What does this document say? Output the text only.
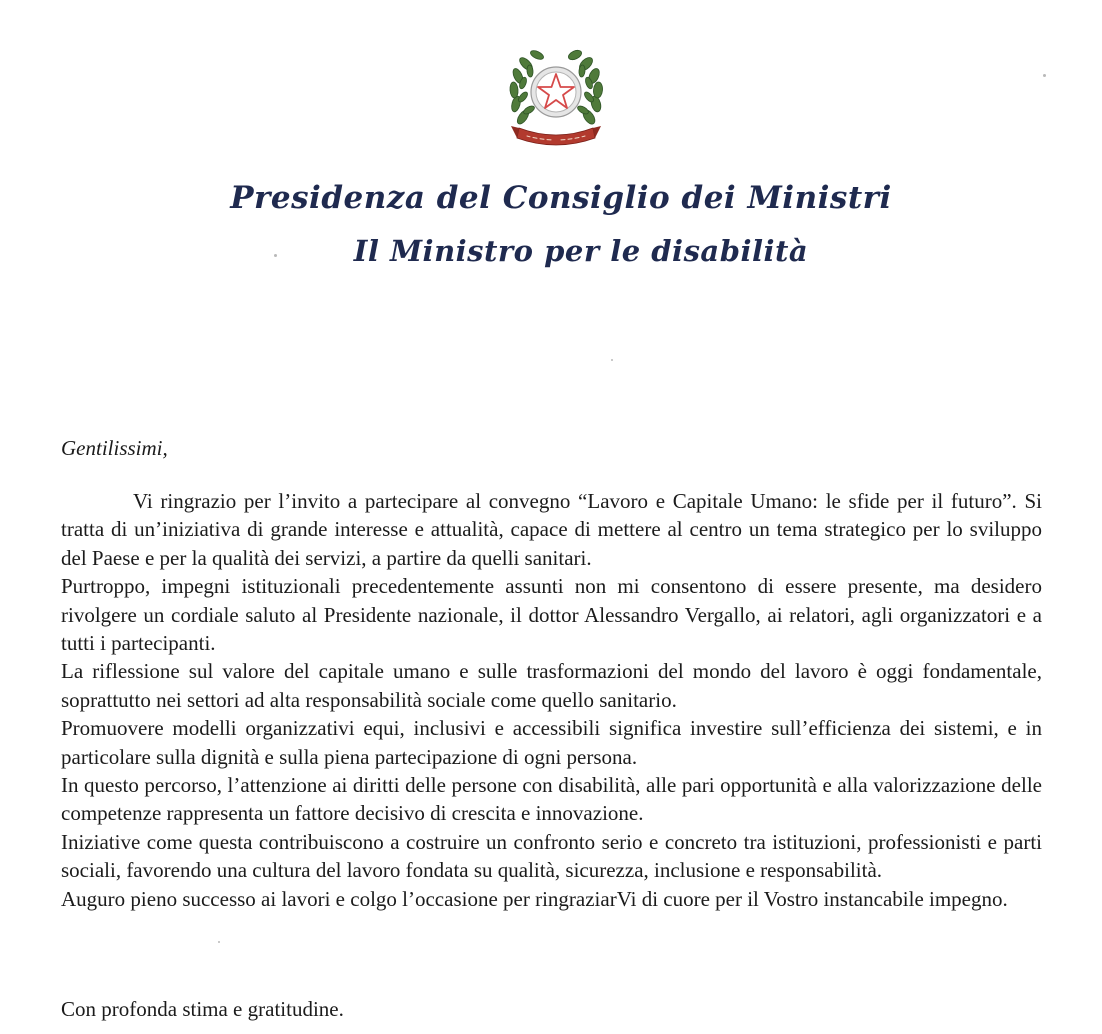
Presidenza del Consiglio dei Ministri
Il Ministro per le disabilità
Gentilissimi,

Vi ringrazio per l’invito a partecipare al convegno “Lavoro e Capitale Umano: le sfide per il futuro”. Si tratta di un’iniziativa di grande interesse e attualità, capace di mettere al centro un tema strategico per lo sviluppo del Paese e per la qualità dei servizi, a partire da quelli sanitari.

Purtroppo, impegni istituzionali precedentemente assunti non mi consentono di essere presente, ma desidero rivolgere un cordiale saluto al Presidente nazionale, il dottor Alessandro Vergallo, ai relatori, agli organizzatori e a tutti i partecipanti.

La riflessione sul valore del capitale umano e sulle trasformazioni del mondo del lavoro è oggi fondamentale, soprattutto nei settori ad alta responsabilità sociale come quello sanitario.

Promuovere modelli organizzativi equi, inclusivi e accessibili significa investire sull’efficienza dei sistemi, e in particolare sulla dignità e sulla piena partecipazione di ogni persona.

In questo percorso, l’attenzione ai diritti delle persone con disabilità, alle pari opportunità e alla valorizzazione delle competenze rappresenta un fattore decisivo di crescita e innovazione.

Iniziative come questa contribuiscono a costruire un confronto serio e concreto tra istituzioni, professionisti e parti sociali, favorendo una cultura del lavoro fondata su qualità, sicurezza, inclusione e responsabilità.

Auguro pieno successo ai lavori e colgo l’occasione per ringraziarVi di cuore per il Vostro instancabile impegno.

Con profonda stima e gratitudine.
